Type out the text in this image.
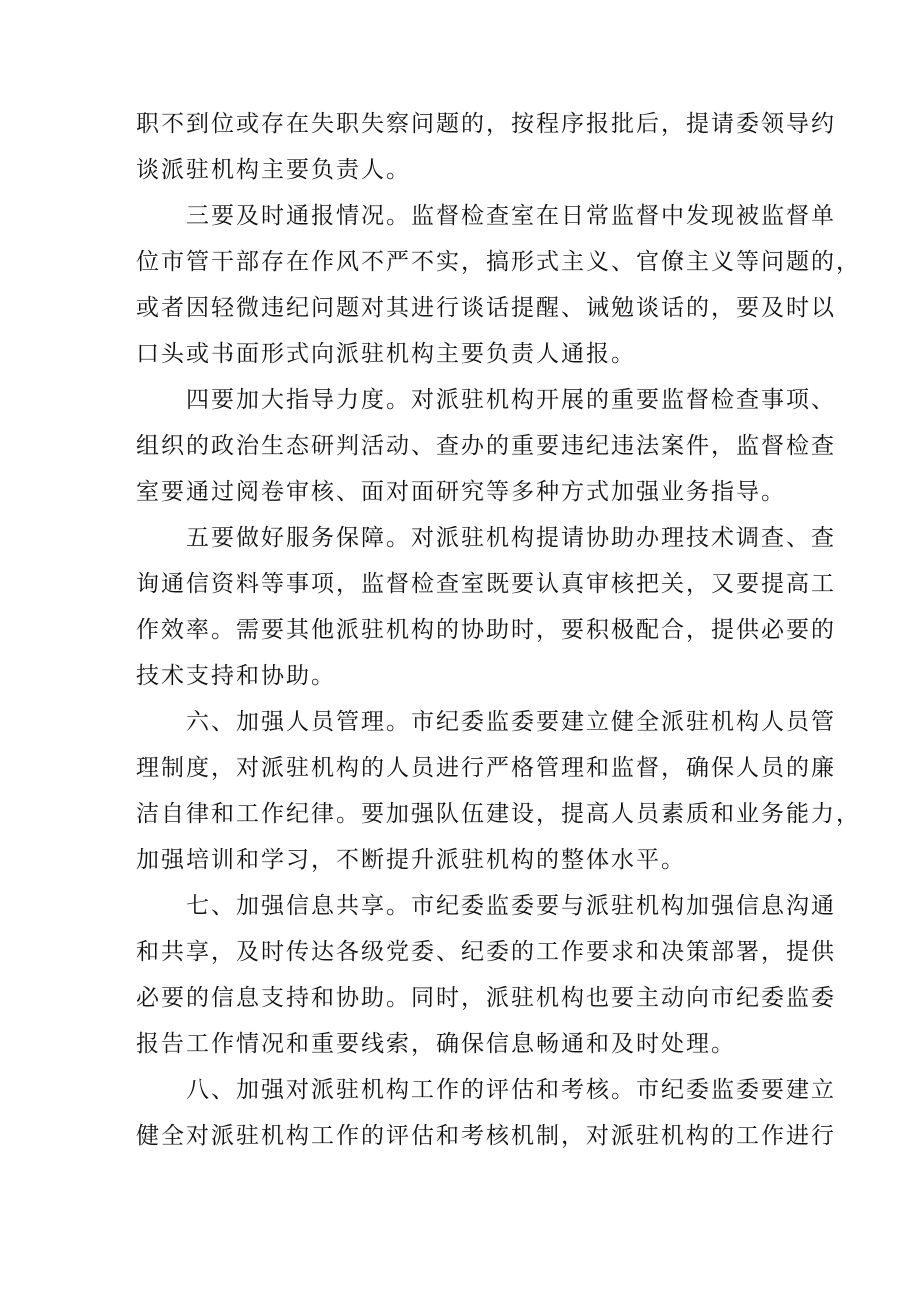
职不到位或存在失职失察问题的，按程序报批后，提请委领导约
谈派驻机构主要负责人。

三要及时通报情况。监督检查室在日常监督中发现被监督单
位市管干部存在作风不严不实，搞形式主义、官僚主义等问题的，
或者因轻微违纪问题对其进行谈话提醒、诫勉谈话的，要及时以
口头或书面形式向派驻机构主要负责人通报。

四要加大指导力度。对派驻机构开展的重要监督检查事项、
组织的政治生态研判活动、查办的重要违纪违法案件，监督检查
室要通过阅卷审核、面对面研究等多种方式加强业务指导。

五要做好服务保障。对派驻机构提请协助办理技术调查、查
询通信资料等事项，监督检查室既要认真审核把关，又要提高工
作效率。需要其他派驻机构的协助时，要积极配合，提供必要的
技术支持和协助。

六、加强人员管理。市纪委监委要建立健全派驻机构人员管
理制度，对派驻机构的人员进行严格管理和监督，确保人员的廉
洁自律和工作纪律。要加强队伍建设，提高人员素质和业务能力，
加强培训和学习，不断提升派驻机构的整体水平。

七、加强信息共享。市纪委监委要与派驻机构加强信息沟通
和共享，及时传达各级党委、纪委的工作要求和决策部署，提供
必要的信息支持和协助。同时，派驻机构也要主动向市纪委监委
报告工作情况和重要线索，确保信息畅通和及时处理。

八、加强对派驻机构工作的评估和考核。市纪委监委要建立
健全对派驻机构工作的评估和考核机制，对派驻机构的工作进行
